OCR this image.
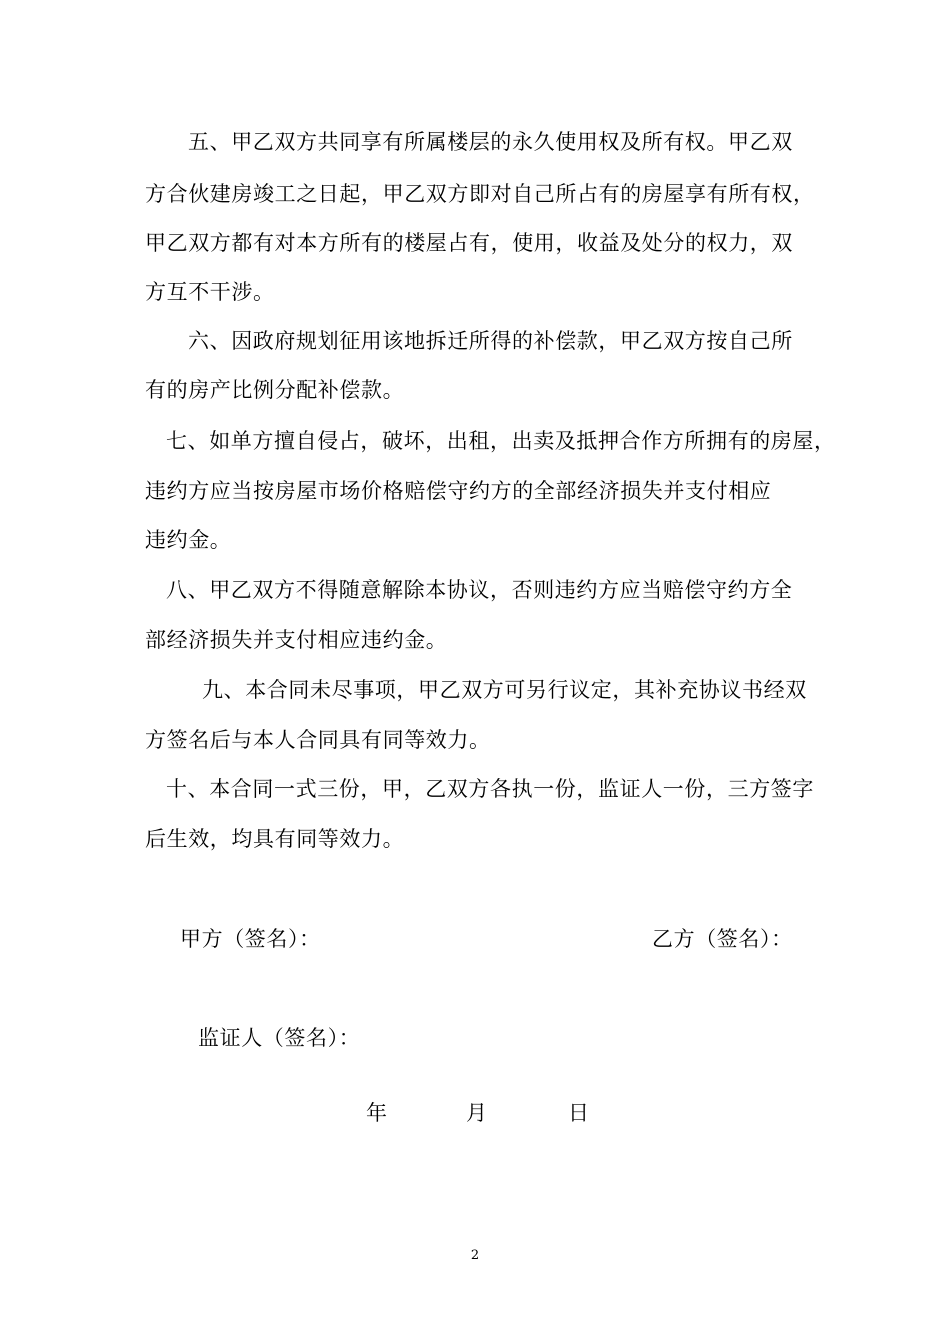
五、甲乙双方共同享有所属楼层的永久使用权及所有权。甲乙双
方合伙建房竣工之日起，甲乙双方即对自己所占有的房屋享有所有权，
甲乙双方都有对本方所有的楼屋占有，使用，收益及处分的权力，双
方互不干涉。
六、因政府规划征用该地拆迁所得的补偿款，甲乙双方按自己所
有的房产比例分配补偿款。
七、如单方擅自侵占，破坏，出租，出卖及抵押合作方所拥有的房屋，
违约方应当按房屋市场价格赔偿守约方的全部经济损失并支付相应
违约金。
八、甲乙双方不得随意解除本协议，否则违约方应当赔偿守约方全
部经济损失并支付相应违约金。
九、本合同未尽事项，甲乙双方可另行议定，其补充协议书经双
方签名后与本人合同具有同等效力。
十、本合同一式三份，甲，乙双方各执一份，监证人一份，三方签字
后生效，均具有同等效力。
甲方（签名）：	乙方（签名）：
监证人（签名）：
年	月	日
2
